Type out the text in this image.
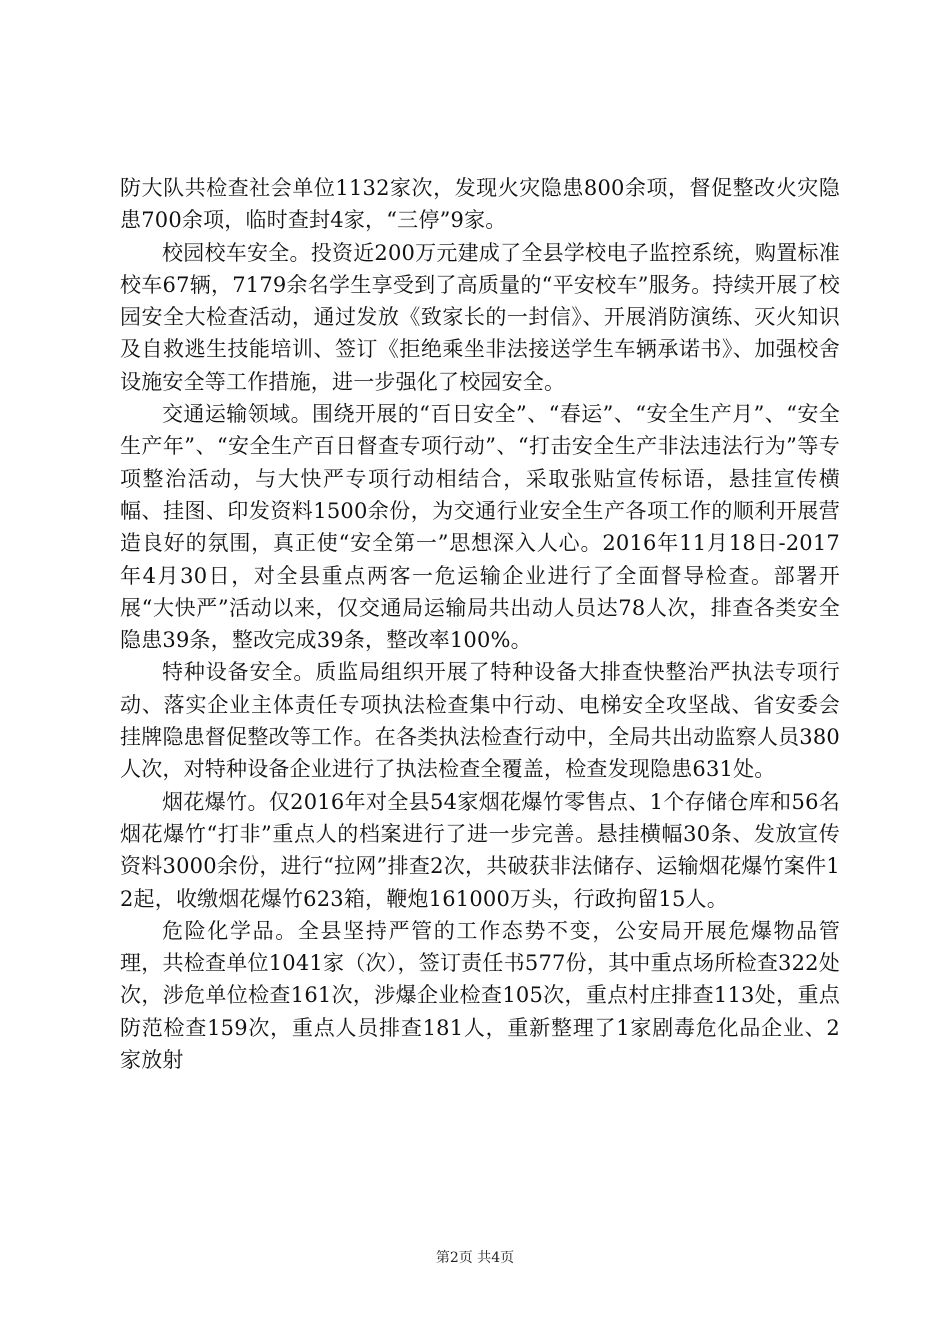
防大队共检查社会单位1132家次，发现火灾隐患800余项，督促整改火灾隐患700余项，临时查封4家，“三停”9家。

校园校车安全。投资近200万元建成了全县学校电子监控系统，购置标准校车67辆，7179余名学生享受到了高质量的“平安校车”服务。持续开展了校园安全大检查活动，通过发放《致家长的一封信》、开展消防演练、灭火知识及自救逃生技能培训、签订《拒绝乘坐非法接送学生车辆承诺书》、加强校舍设施安全等工作措施，进一步强化了校园安全。

交通运输领域。围绕开展的“百日安全”、“春运”、“安全生产月”、“安全生产年”、“安全生产百日督查专项行动”、“打击安全生产非法违法行为”等专项整治活动，与大快严专项行动相结合，采取张贴宣传标语，悬挂宣传横幅、挂图、印发资料1500余份，为交通行业安全生产各项工作的顺利开展营造良好的氛围，真正使“安全第一”思想深入人心。2016年11月18日-2017年4月30日，对全县重点两客一危运输企业进行了全面督导检查。部署开展“大快严”活动以来，仅交通局运输局共出动人员达78人次，排查各类安全隐患39条，整改完成39条，整改率100%。

特种设备安全。质监局组织开展了特种设备大排查快整治严执法专项行动、落实企业主体责任专项执法检查集中行动、电梯安全攻坚战、省安委会挂牌隐患督促整改等工作。在各类执法检查行动中，全局共出动监察人员380人次，对特种设备企业进行了执法检查全覆盖，检查发现隐患631处。

烟花爆竹。仅2016年对全县54家烟花爆竹零售点、1个存储仓库和56名烟花爆竹“打非”重点人的档案进行了进一步完善。悬挂横幅30条、发放宣传资料3000余份，进行“拉网”排查2次，共破获非法储存、运输烟花爆竹案件12起，收缴烟花爆竹623箱，鞭炮161000万头，行政拘留15人。

危险化学品。全县坚持严管的工作态势不变，公安局开展危爆物品管理，共检查单位1041家（次），签订责任书577份，其中重点场所检查322处次，涉危单位检查161次，涉爆企业检查105次，重点村庄排查113处，重点防范检查159次，重点人员排查181人，重新整理了1家剧毒危化品企业、2家放射

第2页 共4页
